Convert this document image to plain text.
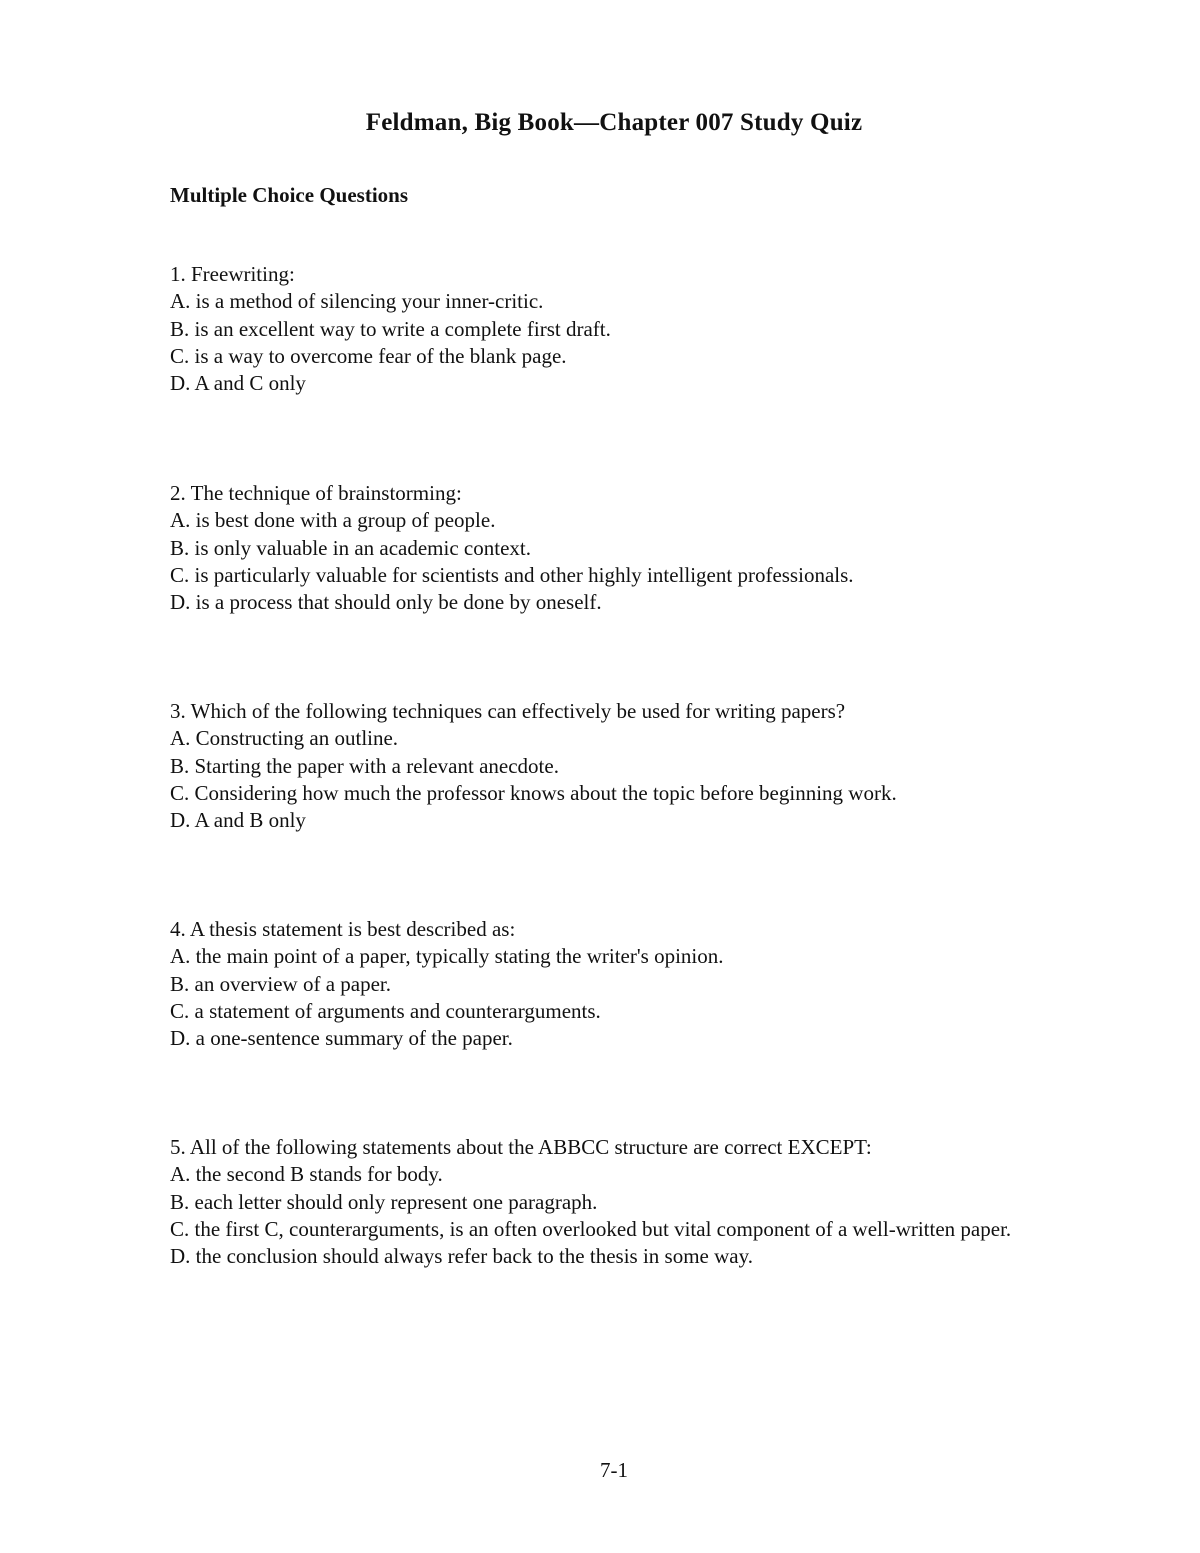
Feldman, Big Book—Chapter 007 Study Quiz
Multiple Choice Questions
1. Freewriting:
A. is a method of silencing your inner-critic.
B. is an excellent way to write a complete first draft.
C. is a way to overcome fear of the blank page.
D. A and C only
2. The technique of brainstorming:
A. is best done with a group of people.
B. is only valuable in an academic context.
C. is particularly valuable for scientists and other highly intelligent professionals.
D. is a process that should only be done by oneself.
3. Which of the following techniques can effectively be used for writing papers?
A. Constructing an outline.
B. Starting the paper with a relevant anecdote.
C. Considering how much the professor knows about the topic before beginning work.
D. A and B only
4. A thesis statement is best described as:
A. the main point of a paper, typically stating the writer's opinion.
B. an overview of a paper.
C. a statement of arguments and counterarguments.
D. a one-sentence summary of the paper.
5. All of the following statements about the ABBCC structure are correct EXCEPT:
A. the second B stands for body.
B. each letter should only represent one paragraph.
C. the first C, counterarguments, is an often overlooked but vital component of a well-written paper.
D. the conclusion should always refer back to the thesis in some way.
7-1
